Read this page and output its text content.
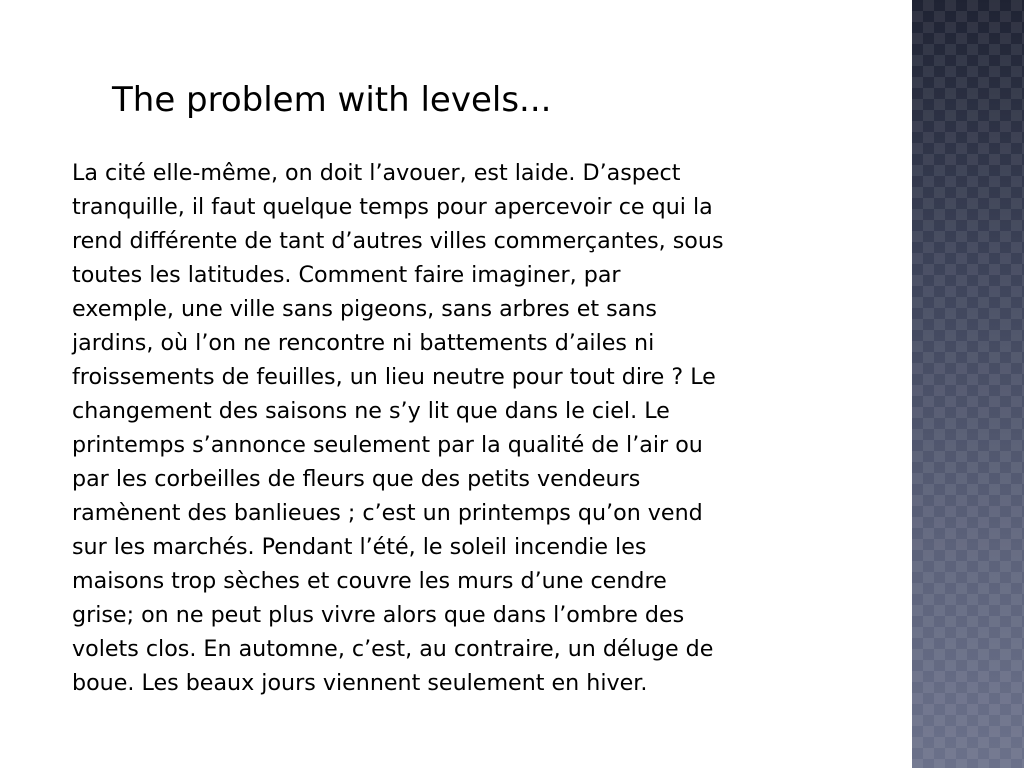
The problem with levels...
La cité elle-même, on doit l’avouer, est laide. D’aspect
tranquille, il faut quelque temps pour apercevoir ce qui la
rend différente de tant d’autres villes commerçantes, sous
toutes les latitudes. Comment faire imaginer, par
exemple, une ville sans pigeons, sans arbres et sans
jardins, où l’on ne rencontre ni battements d’ailes ni
froissements de feuilles, un lieu neutre pour tout dire ? Le
changement des saisons ne s’y lit que dans le ciel. Le
printemps s’annonce seulement par la qualité de l’air ou
par les corbeilles de fleurs que des petits vendeurs
ramènent des banlieues ; c’est un printemps qu’on vend
sur les marchés. Pendant l’été, le soleil incendie les
maisons trop sèches et couvre les murs d’une cendre
grise; on ne peut plus vivre alors que dans l’ombre des
volets clos. En automne, c’est, au contraire, un déluge de
boue. Les beaux jours viennent seulement en hiver.
